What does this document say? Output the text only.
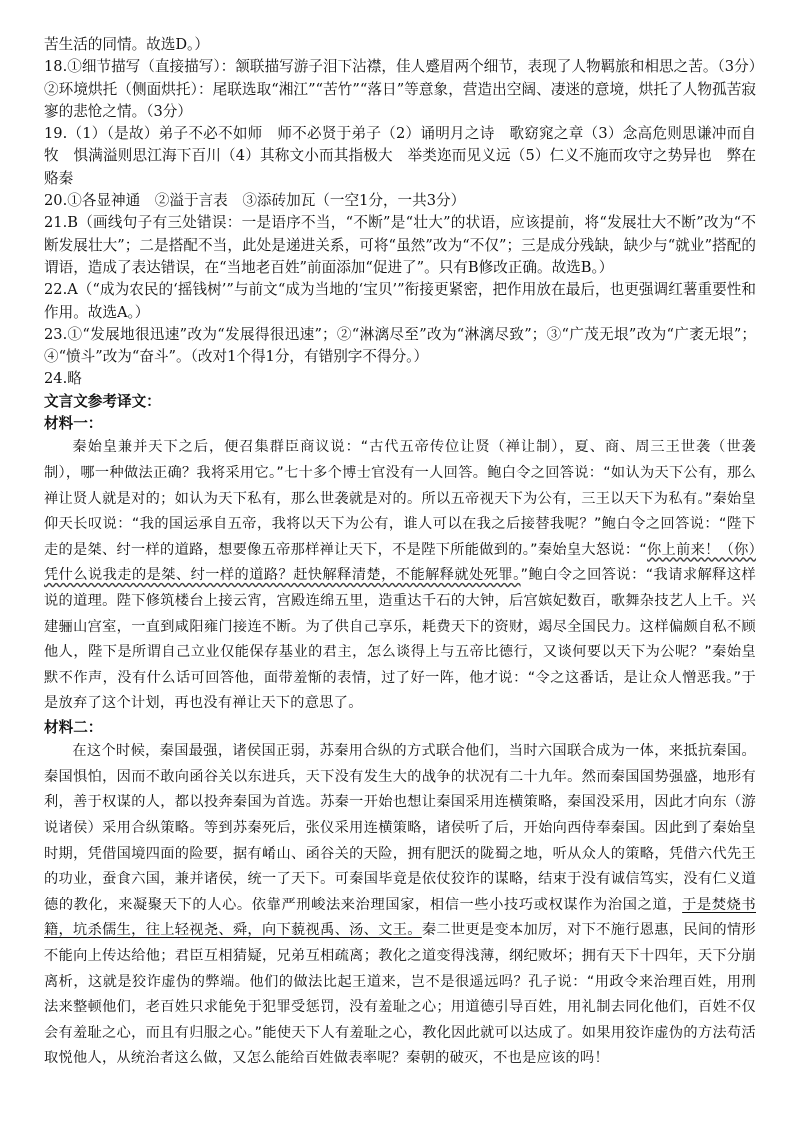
苦生活的同情。故选D。）

18.①细节描写（直接描写）：颔联描写游子泪下沾襟，佳人蹙眉两个细节，表现了人物羁旅和相思之苦。（3分）　②环境烘托（侧面烘托）：尾联选取“湘江”“苦竹”“落日”等意象，营造出空阔、凄迷的意境，烘托了人物孤苦寂寥的悲怆之情。（3分）

19.（1）（是故）弟子不必不如师　师不必贤于弟子（2）诵明月之诗　歌窈窕之章（3）念高危则思谦冲而自牧　惧满溢则思江海下百川（4）其称文小而其指极大　举类迩而见义远（5）仁义不施而攻守之势异也　弊在赂秦

20.①各显神通　②溢于言表　③添砖加瓦（一空1分，一共3分）

21.B（画线句子有三处错误：一是语序不当，“不断”是“壮大”的状语，应该提前，将“发展壮大不断”改为“不断发展壮大”；二是搭配不当，此处是递进关系，可将“虽然”改为“不仅”；三是成分残缺，缺少与“就业”搭配的谓语，造成了表达错误，在“当地老百姓”前面添加“促进了”。只有B修改正确。故选B。）

22.A（“成为农民的‘摇钱树’”与前文“成为当地的‘宝贝’”衔接更紧密，把作用放在最后，也更强调红薯重要性和作用。故选A。）

23.①“发展地很迅速”改为“发展得很迅速”；②“淋漓尽至”改为“淋漓尽致”；③“广茂无垠”改为“广袤无垠”；④“愤斗”改为“奋斗”。（改对1个得1分，有错别字不得分。）

24.略

文言文参考译文：

材料一：

秦始皇兼并天下之后，便召集群臣商议说：“古代五帝传位让贤（禅让制），夏、商、周三王世袭（世袭制），哪一种做法正确？我将采用它。”七十多个博士官没有一人回答。鲍白令之回答说：“如认为天下公有，那么禅让贤人就是对的；如认为天下私有，那么世袭就是对的。所以五帝视天下为公有，三王以天下为私有。”秦始皇仰天长叹说：“我的国运承自五帝，我将以天下为公有，谁人可以在我之后接替我呢？”鲍白令之回答说：“陛下走的是桀、纣一样的道路，想要像五帝那样禅让天下，不是陛下所能做到的。”秦始皇大怒说：“你上前来！（你）凭什么说我走的是桀、纣一样的道路？赶快解释清楚，不能解释就处死罪。”鲍白令之回答说：“我请求解释这样说的道理。陛下修筑楼台上接云宵，宫殿连绵五里，造重达千石的大钟，后宫嫔妃数百，歌舞杂技艺人上千。兴建骊山宫室，一直到咸阳雍门接连不断。为了供自己享乐，耗费天下的资财，竭尽全国民力。这样偏颇自私不顾他人，陛下是所谓自己立业仅能保存基业的君主，怎么谈得上与五帝比德行，又谈何要以天下为公呢？”秦始皇默不作声，没有什么话可回答他，面带羞惭的表情，过了好一阵，他才说：“令之这番话，是让众人憎恶我。”于是放弃了这个计划，再也没有禅让天下的意思了。

材料二：

在这个时候，秦国最强，诸侯国正弱，苏秦用合纵的方式联合他们，当时六国联合成为一体，来抵抗秦国。秦国惧怕，因而不敢向函谷关以东进兵，天下没有发生大的战争的状况有二十九年。然而秦国国势强盛，地形有利，善于权谋的人，都以投奔秦国为首选。苏秦一开始也想让秦国采用连横策略，秦国没采用，因此才向东（游说诸侯）采用合纵策略。等到苏秦死后，张仪采用连横策略，诸侯听了后，开始向西侍奉秦国。因此到了秦始皇时期，凭借国境四面的险要，据有崤山、函谷关的天险，拥有肥沃的陇蜀之地，听从众人的策略，凭借六代先王的功业，蚕食六国，兼并诸侯，统一了天下。可秦国毕竟是依仗狡诈的谋略，结束于没有诚信笃实，没有仁义道德的教化，来凝聚天下的人心。依靠严刑峻法来治理国家，相信一些小技巧或权谋作为治国之道，于是焚烧书籍，坑杀儒生，往上轻视尧、舜，向下藐视禹、汤、文王。秦二世更是变本加厉，对下不施行恩惠，民间的情形不能向上传达给他；君臣互相猜疑，兄弟互相疏离；教化之道变得浅薄，纲纪败坏；拥有天下十四年，天下分崩离析，这就是狡诈虚伪的弊端。他们的做法比起王道来，岂不是很遥远吗？孔子说：“用政令来治理百姓，用刑法来整顿他们，老百姓只求能免于犯罪受惩罚，没有羞耻之心；用道德引导百姓，用礼制去同化他们，百姓不仅会有羞耻之心，而且有归服之心。”能使天下人有羞耻之心，教化因此就可以达成了。如果用狡诈虚伪的方法苟活取悦他人，从统治者这么做，又怎么能给百姓做表率呢？秦朝的破灭，不也是应该的吗！
